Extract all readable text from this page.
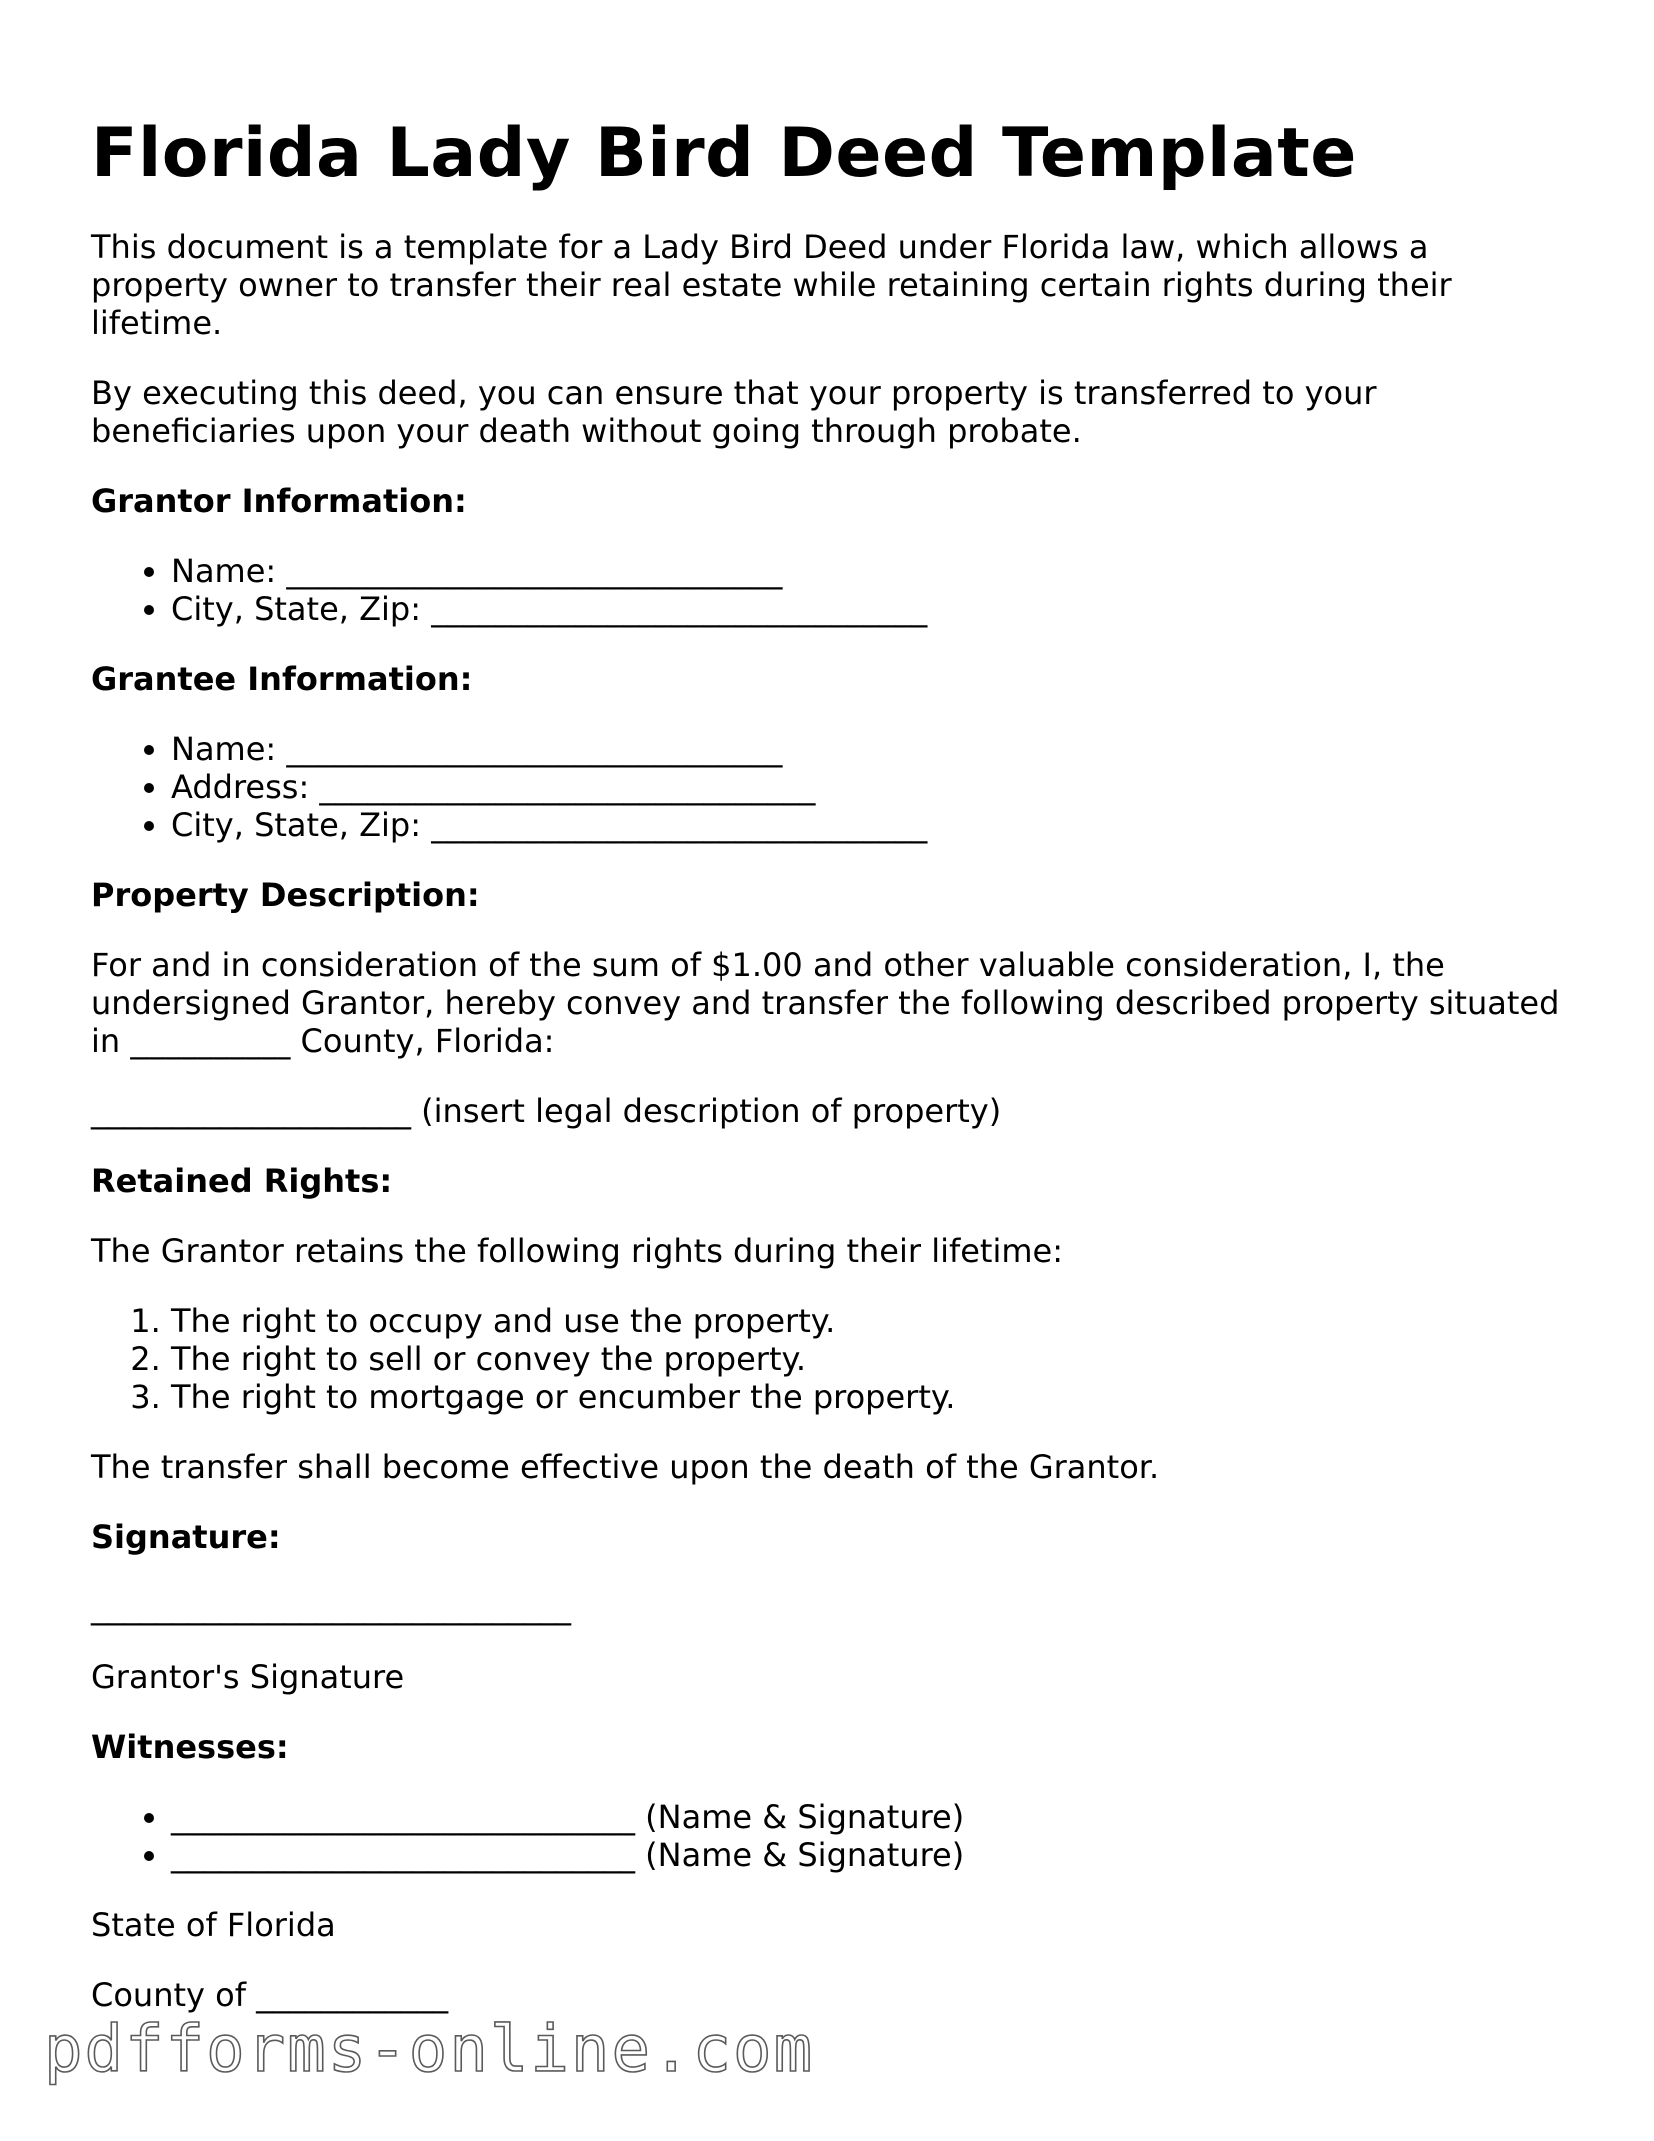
Florida Lady Bird Deed Template

This document is a template for a Lady Bird Deed under Florida law, which allows a property owner to transfer their real estate while retaining certain rights during their lifetime.

By executing this deed, you can ensure that your property is transferred to your beneficiaries upon your death without going through probate.

Grantor Information:
• Name: _______________________________
• City, State, Zip: _______________________________
Grantee Information:
• Name: _______________________________
• Address: _______________________________
• City, State, Zip: _______________________________
Property Description:

For and in consideration of the sum of $1.00 and other valuable consideration, I, the undersigned Grantor, hereby convey and transfer the following described property situated in __________ County, Florida:

____________________ (insert legal description of property)

Retained Rights:

The Grantor retains the following rights during their lifetime:

1. The right to occupy and use the property.
2. The right to sell or convey the property.
3. The right to mortgage or encumber the property.

The transfer shall become effective upon the death of the Grantor.

Signature:

______________________________

Grantor's Signature

Witnesses:
• _____________________________ (Name & Signature)
• _____________________________ (Name & Signature)

State of Florida

County of ____________

pdfforms-online.com
